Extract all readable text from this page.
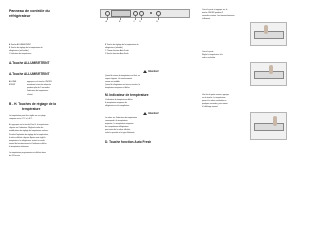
Panneau de contrôle du
réfrigérateur
A Touche ALLUME/ETEINT
B Touche de réglage de la température du
réfrigérateur (réchauffer)
C Indicateur de température
A.Touche ALLUME/ETEINT
A.Touche ALLUME/ETEINT
ALLUME	appuyez sur la touche ON/OFF
ETEINT	maintenez la touche enfoncée
pendant plus de 2 secondes
l'indicateur de température
s'éteint
B - H. Touches de réglage de la
température
La température peut être réglée sur une plage
comprise entre +2°C et +8°C.
En appuyant sur la touche B ou H, la température
clignote sur l'indicateur. Réglez-la selon les
modifications de réglage de température voulues.
Pendant l'opération de réglage de la température,
la valeur affichée clignote. Après avoir réglé la
température, le réfrigérateur revient au mode
normal de fonctionnement et l'indicateur affiche
la température intérieure.
La température programmée est affichée dans
les 24 heures.
A	B	C D	E
B Touche de réglage de la température du
réfrigérateur (refroidir)
C Témoin fonction Auto Fresh
D Touche fonction Auto Fresh
Attention!
Quand le niveau de température est fixé, un
voyant clignote. Un avertissement
sonore est audible.
Quand le réfrigérateur est mis en marche, la
température moyenne s'affiche.
M. Indicateur de température
L'indicateur de température affiche
la température moyenne du
réfrigérateur et du congélateur.
Attention!
La valeur sur l'indicateur de température
correspond à la température
moyenne. La température moyenne
du compartiment réfrigérateur
peut varier de la valeur affichée,
selon la quantité et le type d'aliments.
D. Touche fonction Auto Fresh
Ouvrir la porte et appuyer sur la
touche ON/OFF pendant 3
secondes environ. Les témoins lumineux
s'allument.
Ouvrir la porte
Régler la température à la
valeur souhaitée.
Une fois la porte ouverte, appuyer
sur la touche. La température
passe à la valeur souhaitée en
quelques secondes, puis revient
à l'affichage normal.
